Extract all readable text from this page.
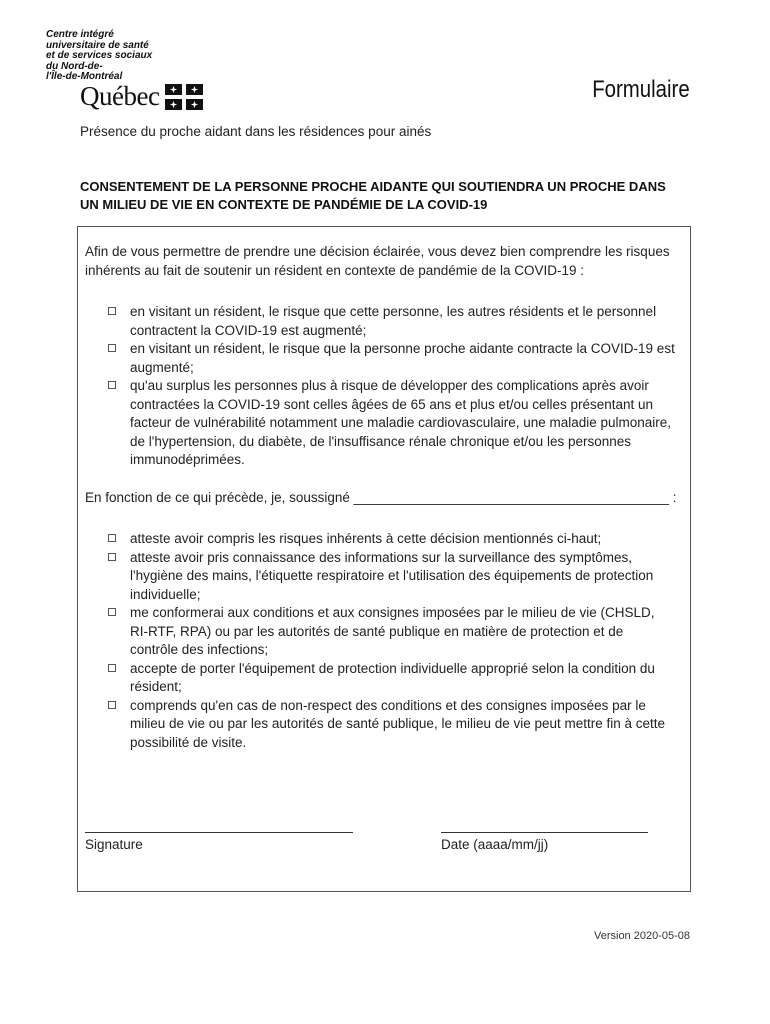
Centre intégré
universitaire de santé
et de services sociaux
du Nord-de-
l'Île-de-Montréal
Québec	Formulaire
Présence du proche aidant dans les résidences pour ainés
CONSENTEMENT DE LA PERSONNE PROCHE AIDANTE QUI SOUTIENDRA UN PROCHE DANS UN MILIEU DE VIE EN CONTEXTE DE PANDÉMIE DE LA COVID-19
Afin de vous permettre de prendre une décision éclairée, vous devez bien comprendre les risques inhérents au fait de soutenir un résident en contexte de pandémie de la COVID-19 :
en visitant un résident, le risque que cette personne, les autres résidents et le personnel contractent la COVID-19 est augmenté;
en visitant un résident, le risque que la personne proche aidante contracte la COVID-19 est augmenté;
qu'au surplus les personnes plus à risque de développer des complications après avoir contractées la COVID-19 sont celles âgées de 65 ans et plus et/ou celles présentant un facteur de vulnérabilité notamment une maladie cardiovasculaire, une maladie pulmonaire, de l'hypertension, du diabète, de l'insuffisance rénale chronique et/ou les personnes immunodéprimées.
En fonction de ce qui précède, je, soussigné __________________________________________ :
atteste avoir compris les risques inhérents à cette décision mentionnés ci-haut;
atteste avoir pris connaissance des informations sur la surveillance des symptômes, l'hygiène des mains, l'étiquette respiratoire et l'utilisation des équipements de protection individuelle;
me conformerai aux conditions et aux consignes imposées par le milieu de vie (CHSLD, RI-RTF, RPA) ou par les autorités de santé publique en matière de protection et de contrôle des infections;
accepte de porter l'équipement de protection individuelle approprié selon la condition du résident;
comprends qu'en cas de non-respect des conditions et des consignes imposées par le milieu de vie ou par les autorités de santé publique, le milieu de vie peut mettre fin à cette possibilité de visite.
Signature	Date (aaaa/mm/jj)
Version 2020-05-08
